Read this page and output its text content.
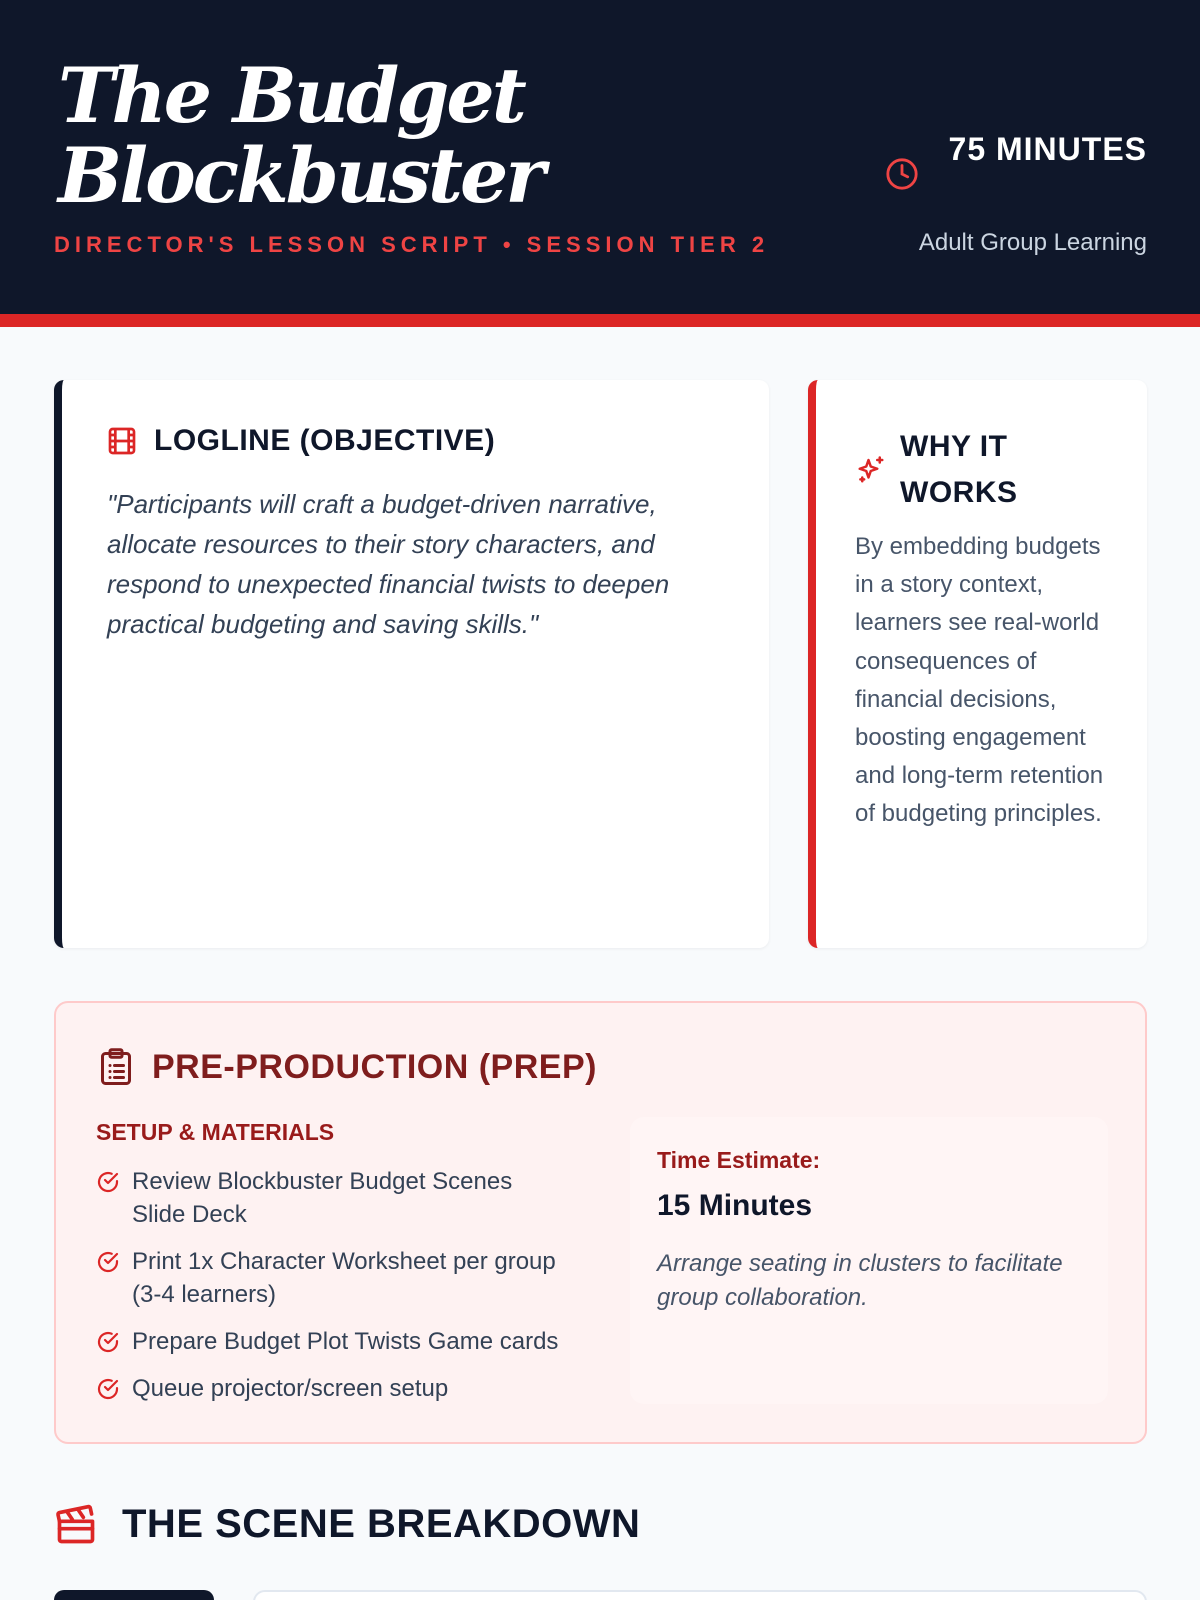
The Budget Blockbuster
DIRECTOR'S LESSON SCRIPT • SESSION TIER 2
75 MINUTES
Adult Group Learning
LOGLINE (OBJECTIVE)

"Participants will craft a budget-driven narrative, allocate resources to their story characters, and respond to unexpected financial twists to deepen practical budgeting and saving skills."

WHY IT WORKS

By embedding budgets in a story context, learners see real-world consequences of financial decisions, boosting engagement and long-term retention of budgeting principles.

PRE-PRODUCTION (PREP)
SETUP & MATERIALS
Review Blockbuster Budget Scenes Slide Deck
Print 1x Character Worksheet per group (3-4 learners)
Prepare Budget Plot Twists Game cards
Queue projector/screen setup
Time Estimate:
15 Minutes

Arrange seating in clusters to facilitate group collaboration.

THE SCENE BREAKDOWN
